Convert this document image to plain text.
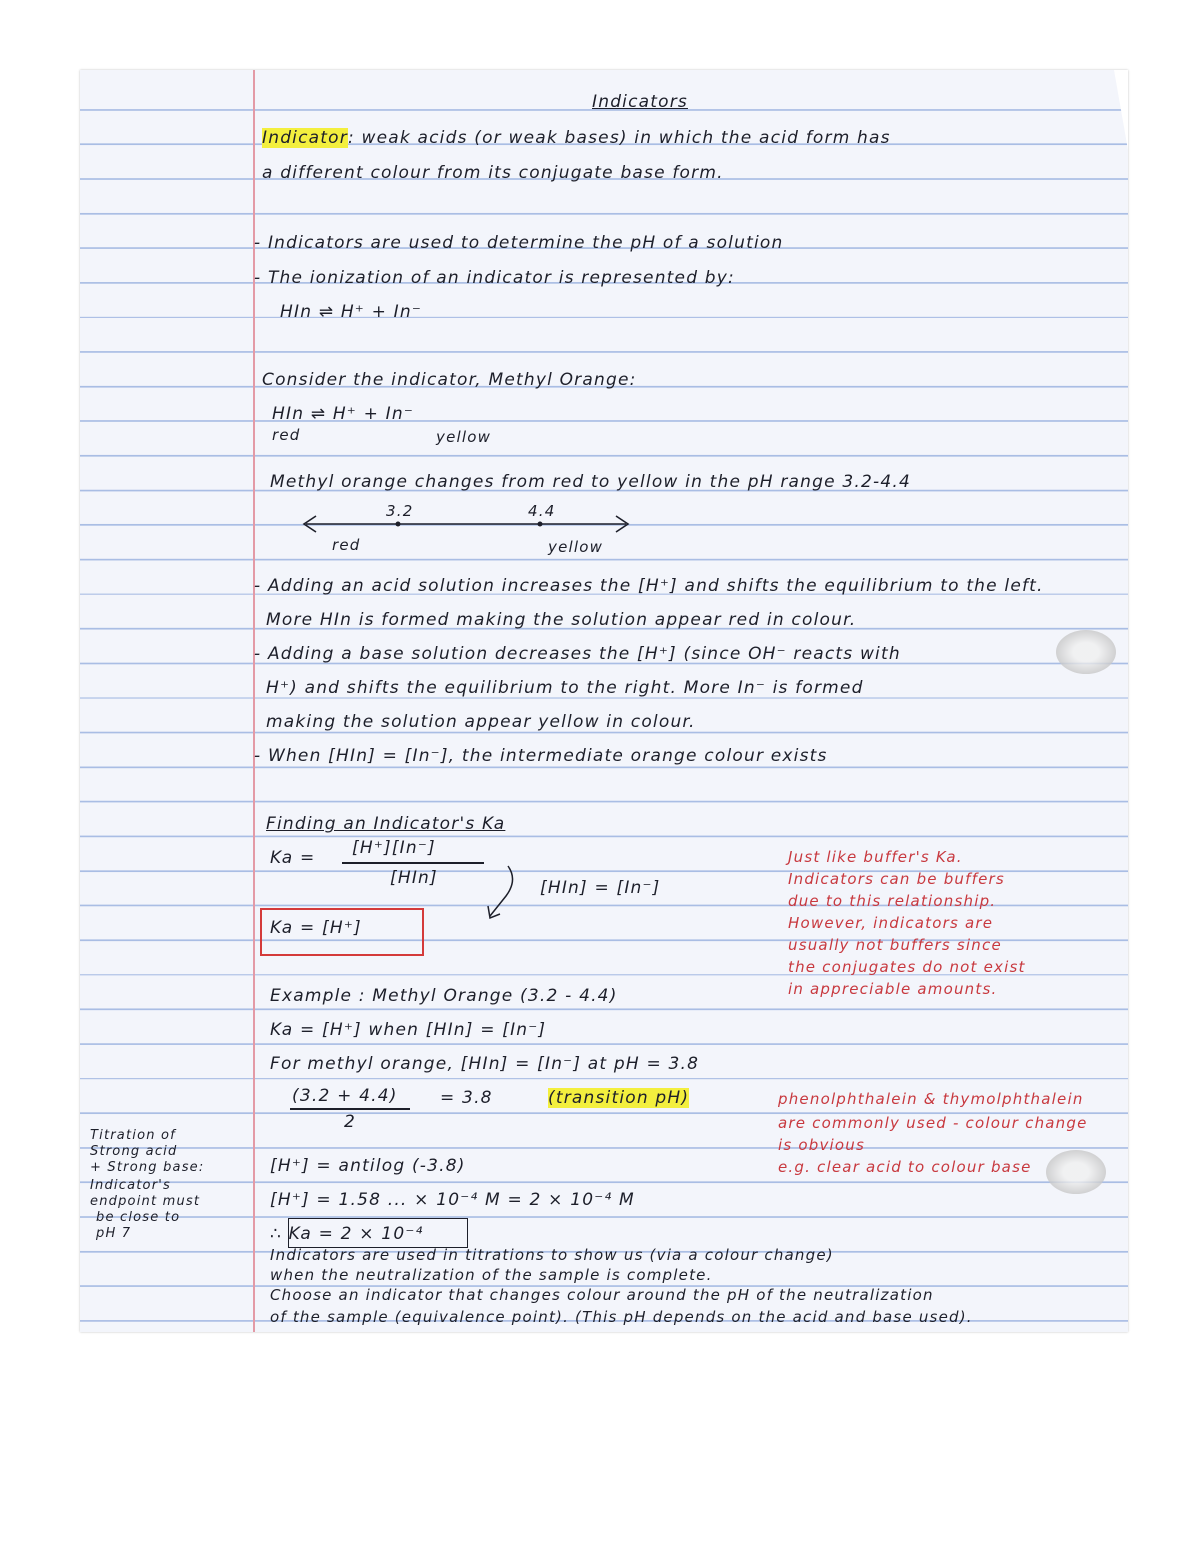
Indicators
Indicator: weak acids (or weak bases) in which the acid form has
a different colour from its conjugate base form.
- Indicators are used to determine the pH of a solution
- The ionization of an indicator is represented by:
HIn ⇌ H⁺ + In⁻
Consider the indicator, Methyl Orange:
HIn ⇌ H⁺ + In⁻
red	yellow
Methyl orange changes from red to yellow in the pH range 3.2-4.4
3.2	4.4
red	yellow
- Adding an acid solution increases the [H⁺] and shifts the equilibrium to the left.
More HIn is formed making the solution appear red in colour.
- Adding a base solution decreases the [H⁺] (since OH⁻ reacts with
H⁺) and shifts the equilibrium to the right. More In⁻ is formed
making the solution appear yellow in colour.
- When [HIn] = [In⁻], the intermediate orange colour exists
Finding an Indicator's Ka
Ka = [H⁺][In⁻]
[HIn]	[HIn] = [In⁻]
Ka = [H⁺]
Just like buffer's Ka.
Indicators can be buffers
due to this relationship.
However, indicators are
usually not buffers since
the conjugates do not exist
in appreciable amounts.
Example : Methyl Orange (3.2 - 4.4)
Ka = [H⁺] when [HIn] = [In⁻]
For methyl orange, [HIn] = [In⁻] at pH = 3.8
(3.2 + 4.4)
2
= 3.8	(transition pH)	phenolphthalein & thymolphthalein
are commonly used - colour change
is obvious
e.g. clear acid to colour base
[H⁺] = antilog (-3.8)
[H⁺] = 1.58 ... × 10⁻⁴ M = 2 × 10⁻⁴ M
∴ Ka = 2 × 10⁻⁴
Titration of
Strong acid
+ Strong base:
Indicator's
endpoint must
be close to
pH 7
Indicators are used in titrations to show us (via a colour change)
when the neutralization of the sample is complete.
Choose an indicator that changes colour around the pH of the neutralization
of the sample (equivalence point). (This pH depends on the acid and base used).
